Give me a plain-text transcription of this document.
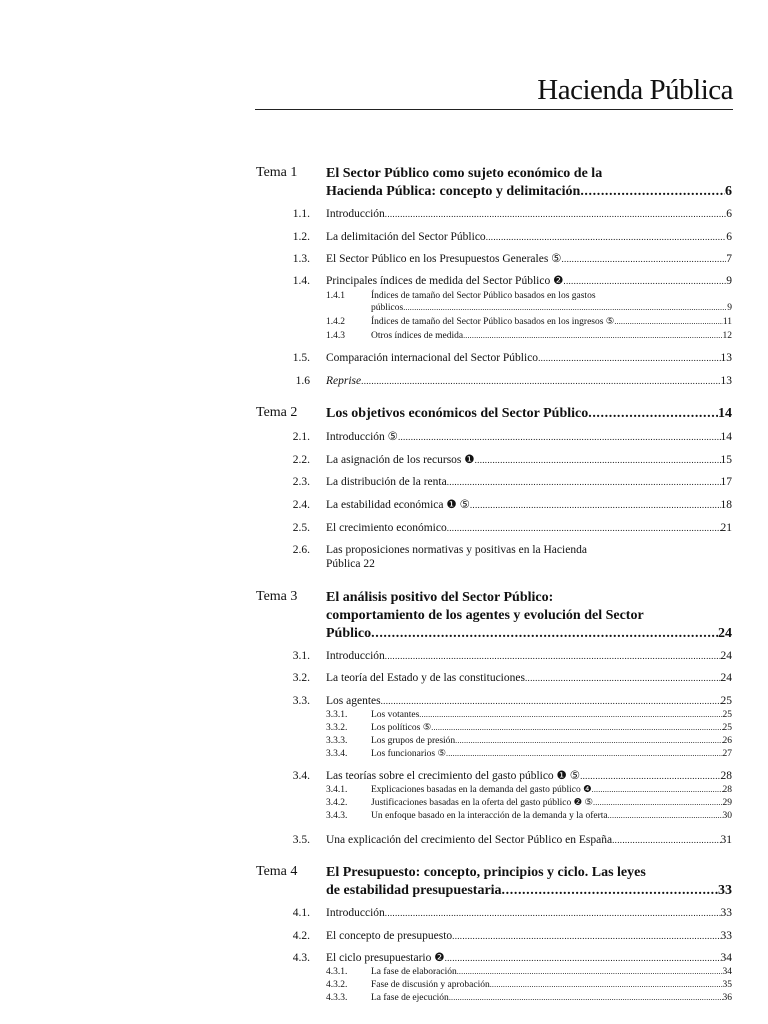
Hacienda Pública
Tema 1 El Sector Público como sujeto económico de la
Hacienda Pública: concepto y delimitación .....	6
1.1. Introducción .....	6
1.2. La delimitación del Sector Público .....	6
1.3. El Sector Público en los Presupuestos Generales ⑤ .....	7
1.4. Principales índices de medida del Sector Público ❷ .....	9
1.4.1	Índices de tamaño del Sector Público basados en los gastos
públicos .....	9
1.4.2	Índices de tamaño del Sector Público basados en los ingresos ⑤ .....	11
1.4.3	Otros índices de medida .....	12
1.5. Comparación internacional del Sector Público .....	13
1.6 Reprise .....	13
Tema 2 Los objetivos económicos del Sector Público .....	14
2.1. Introducción ⑤ .....	14
2.2. La asignación de los recursos ❶ .....	15
2.3. La distribución de la renta .....	17
2.4. La estabilidad económica ❶ ⑤ .....	18
2.5. El crecimiento económico .....	21
2.6. Las proposiciones normativas y positivas en la Hacienda
Pública 22
Tema 3 El análisis positivo del Sector Público:
comportamiento de los agentes y evolución del Sector
Público .....	24
3.1. Introducción .....	24
3.2. La teoría del Estado y de las constituciones .....	24
3.3. Los agentes .....	25
3.3.1.	Los votantes .....	25
3.3.2.	Los políticos ⑤ .....	25
3.3.3.	Los grupos de presión .....	26
3.3.4.	Los funcionarios ⑤ .....	27
3.4. Las teorías sobre el crecimiento del gasto público ❶ ⑤ .....	28
3.4.1.	Explicaciones basadas en la demanda del gasto público ❹ .....	28
3.4.2.	Justificaciones basadas en la oferta del gasto público ❷ ⑤ .....	29
3.4.3.	Un enfoque basado en la interacción de la demanda y la oferta .....	30
3.5. Una explicación del crecimiento del Sector Público en España .....	31
Tema 4 El Presupuesto: concepto, principios y ciclo. Las leyes
de estabilidad presupuestaria .....	33
4.1. Introducción .....	33
4.2. El concepto de presupuesto .....	33
4.3. El ciclo presupuestario ❷ .....	34
4.3.1.	La fase de elaboración .....	34
4.3.2.	Fase de discusión y aprobación .....	35
4.3.3.	La fase de ejecución .....	36
